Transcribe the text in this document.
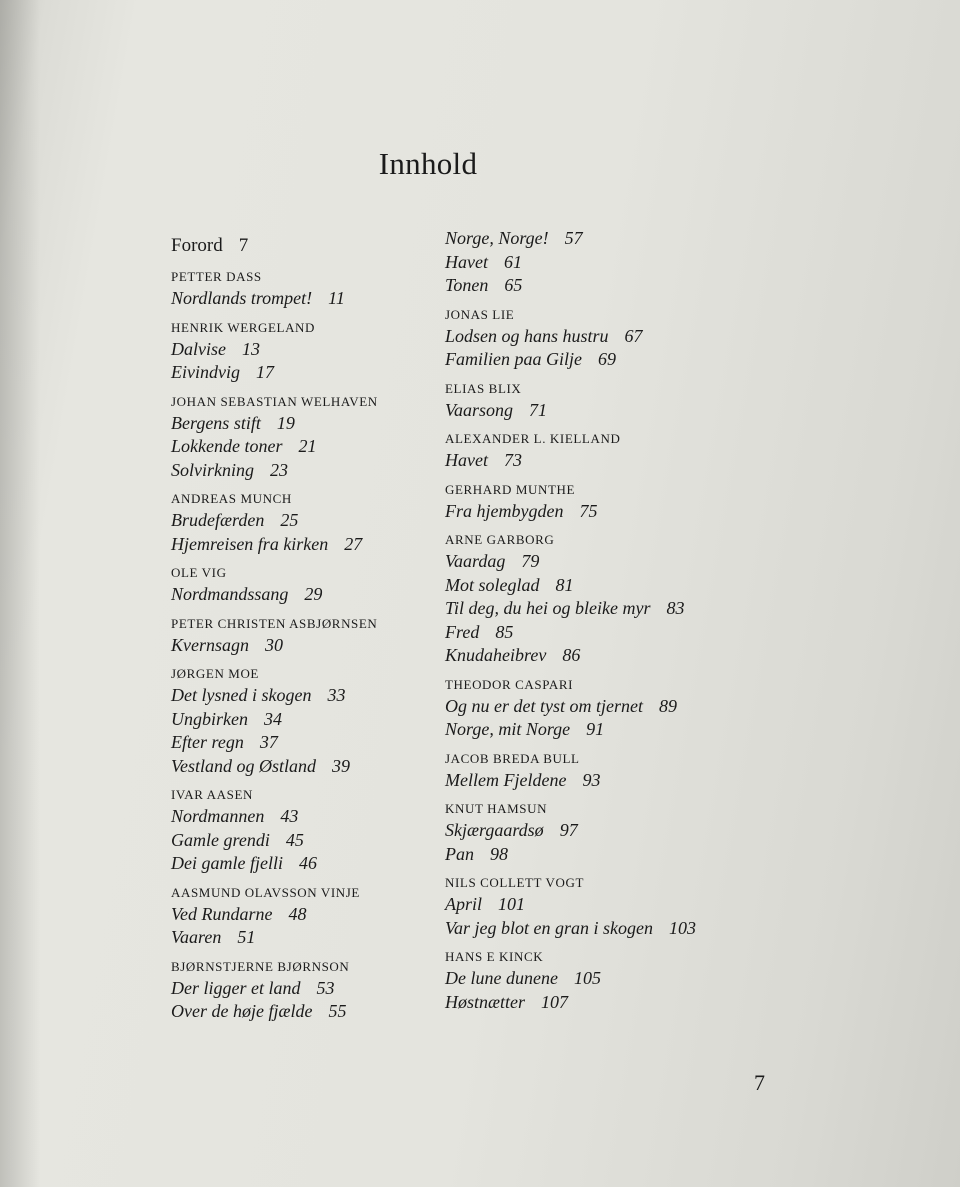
Innhold
Forord 7
PETTER DASS
Nordlands trompet! 11
HENRIK WERGELAND
Dalvise 13
Eivindvig 17
JOHAN SEBASTIAN WELHAVEN
Bergens stift 19
Lokkende toner 21
Solvirkning 23
ANDREAS MUNCH
Brudefærden 25
Hjemreisen fra kirken 27
OLE VIG
Nordmandssang 29
PETER CHRISTEN ASBJØRNSEN
Kvernsagn 30
JØRGEN MOE
Det lysned i skogen 33
Ungbirken 34
Efter regn 37
Vestland og Østland 39
IVAR AASEN
Nordmannen 43
Gamle grendi 45
Dei gamle fjelli 46
AASMUND OLAVSSON VINJE
Ved Rundarne 48
Vaaren 51
BJØRNSTJERNE BJØRNSON
Der ligger et land 53
Over de høje fjælde 55
Norge, Norge! 57
Havet 61
Tonen 65
JONAS LIE
Lodsen og hans hustru 67
Familien paa Gilje 69
ELIAS BLIX
Vaarsong 71
ALEXANDER L. KIELLAND
Havet 73
GERHARD MUNTHE
Fra hjembygden 75
ARNE GARBORG
Vaardag 79
Mot soleglad 81
Til deg, du hei og bleike myr 83
Fred 85
Knudaheibrev 86
THEODOR CASPARI
Og nu er det tyst om tjernet 89
Norge, mit Norge 91
JACOB BREDA BULL
Mellem Fjeldene 93
KNUT HAMSUN
Skjærgaardsø 97
Pan 98
NILS COLLETT VOGT
April 101
Var jeg blot en gran i skogen 103
HANS E KINCK
De lune dunene 105
Høstnætter 107
7
